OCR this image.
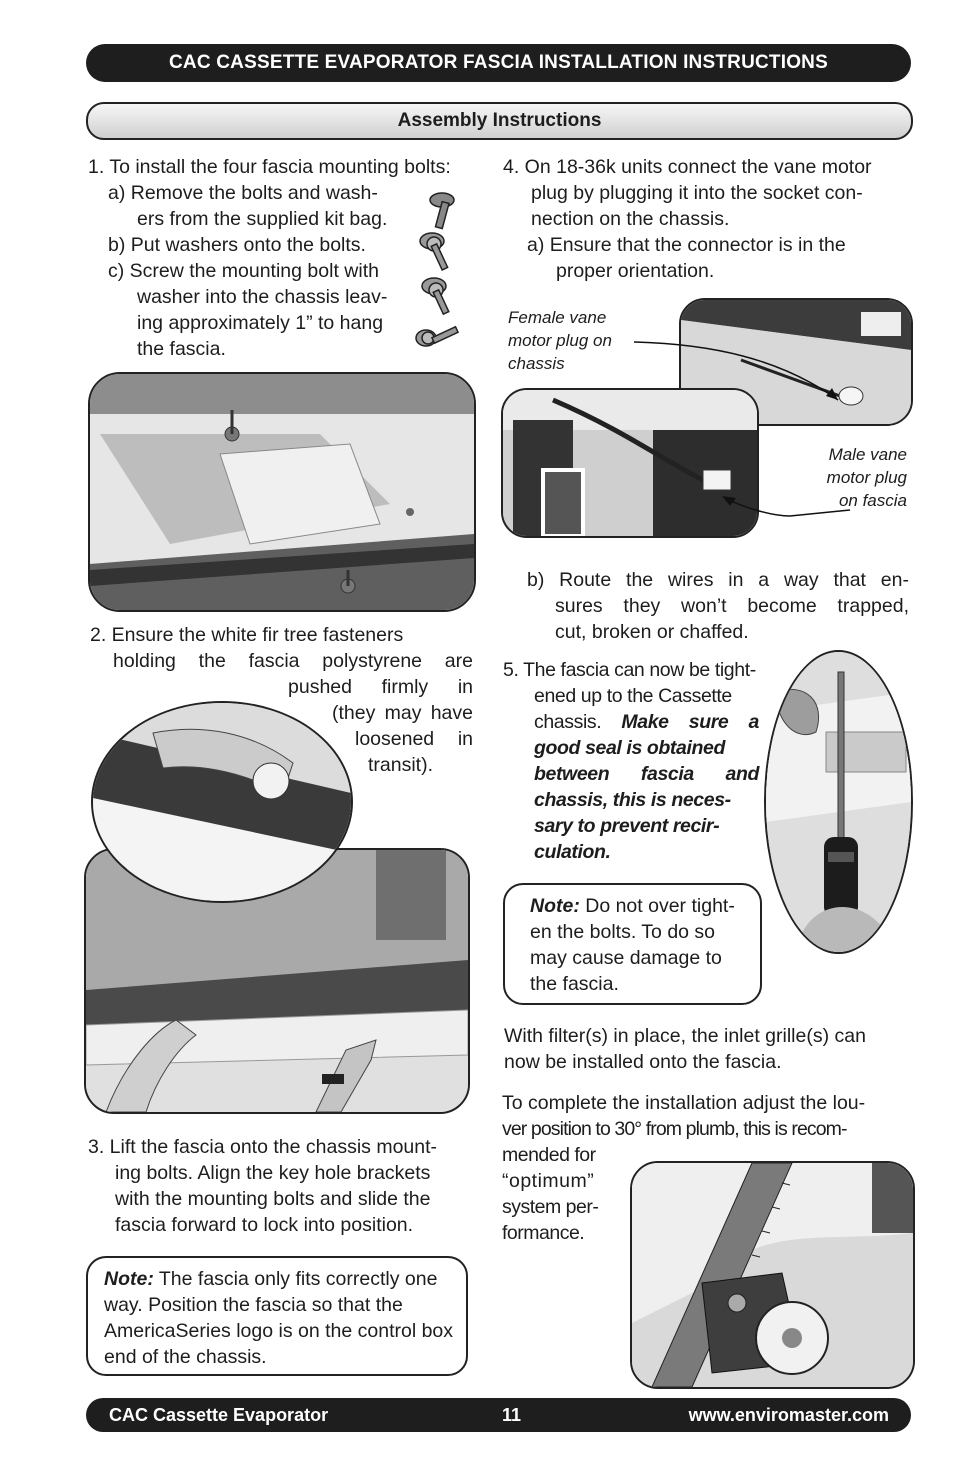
CAC CASSETTE EVAPORATOR FASCIA INSTALLATION INSTRUCTIONS
Assembly Instructions
1. To install the four fascia mounting bolts:
a) Remove the bolts and wash-
ers from the supplied kit bag.
b) Put washers onto the bolts.
c) Screw the mounting bolt with
washer into the chassis leav-
ing approximately 1” to hang
the fascia.
2. Ensure the white fir tree fasteners
holding the fascia polystyrene are
pushed firmly in
(they may have
loosened in
transit).
3. Lift the fascia onto the chassis mount-
ing bolts. Align the key hole brackets
with the mounting bolts and slide the
fascia forward to lock into position.
Note: The fascia only fits correctly one
way. Position the fascia so that the
AmericaSeries logo is on the control box
end of the chassis.
4. On 18-36k units connect the vane motor
plug by plugging it into the socket con-
nection on the chassis.
a) Ensure that the connector is in the
proper orientation.
Female vane
motor plug on
chassis
Male vane
motor plug
on fascia
b) Route the wires in a way that en-
sures they won’t become trapped,
cut, broken or chaffed.
5. The fascia can now be tight-
ened up to the Cassette
chassis. Make sure a
good seal is obtained
between fascia and
chassis, this is neces-
sary to prevent recir-
culation.
Note: Do not over tight-
en the bolts. To do so
may cause damage to
the fascia.
With filter(s) in place, the inlet grille(s) can
now be installed onto the fascia.
To complete the installation adjust the lou-
ver position to 30° from plumb, this is recom-
mended for
“optimum”
system per-
formance.
CAC Cassette Evaporator	11	www.enviromaster.com
